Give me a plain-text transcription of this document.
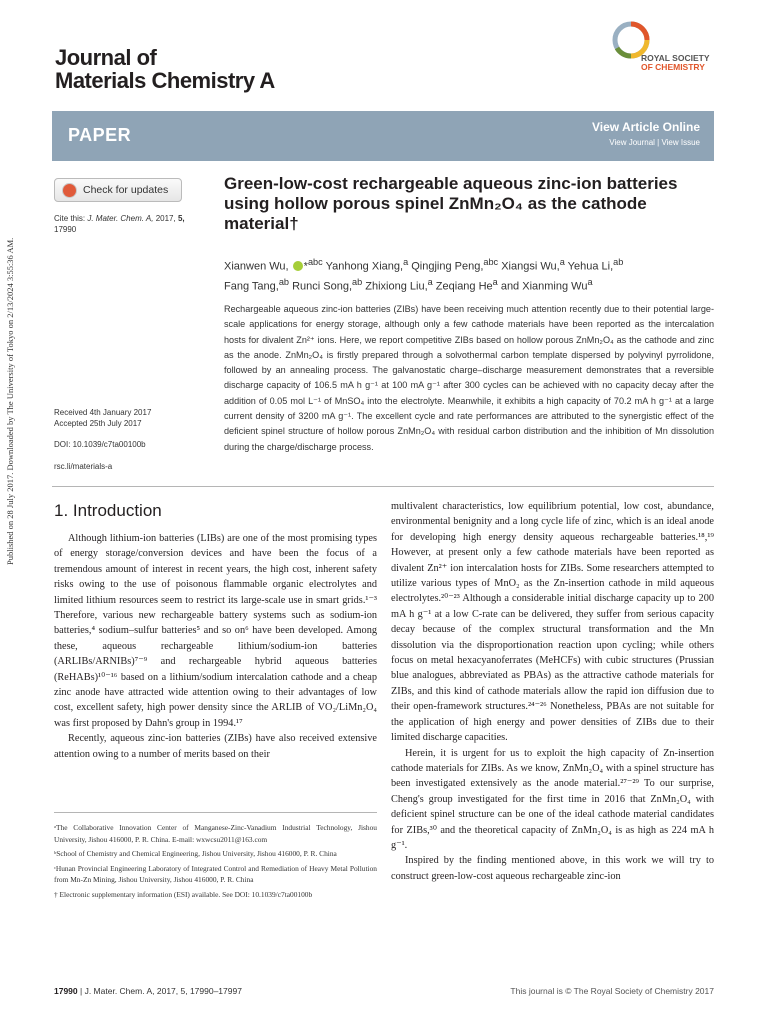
Published on 28 July 2017. Downloaded by The University of Tokyo on 2/13/2024 3:55:36 AM.
Journal of
Materials Chemistry A
ROYAL SOCIETY
OF CHEMISTRY
PAPER	View Article Online
View Journal | View Issue
Check for updates
Cite this: J. Mater. Chem. A, 2017, 5,
17990
Received 4th January 2017
Accepted 25th July 2017
DOI: 10.1039/c7ta00100b
rsc.li/materials-a
Green-low-cost rechargeable aqueous zinc-ion batteries using hollow porous spinel ZnMn₂O₄ as the cathode material†
Xianwen Wu, *$^{abc}$ Yanhong Xiang,$^a$ Qingjing Peng,$^{abc}$ Xiangsi Wu,$^a$ Yehua Li,$^{ab}$
Fang Tang,$^{ab}$ Runci Song,$^{ab}$ Zhixiong Liu,$^a$ Zeqiang He$^a$ and Xianming Wu$^a$
Rechargeable aqueous zinc-ion batteries (ZIBs) have been receiving much attention recently due to their potential large-scale applications for energy storage, although only a few cathode materials have been reported as the intercalation hosts for divalent Zn²⁺ ions. Here, we report competitive ZIBs based on hollow porous ZnMn₂O₄ as the cathode and zinc as the anode. ZnMn₂O₄ is firstly prepared through a solvothermal carbon template dispersed by polyvinyl pyrrolidone, followed by an annealing process. The galvanostatic charge–discharge measurement demonstrates that a reversible discharge capacity of 106.5 mA h g⁻¹ at 100 mA g⁻¹ after 300 cycles can be achieved with no capacity decay after the addition of 0.05 mol L⁻¹ of MnSO₄ into the electrolyte. Meanwhile, it exhibits a high capacity of 70.2 mA h g⁻¹ at a large current density of 3200 mA g⁻¹. The excellent cycle and rate performances are attributed to the synergistic effect of the deficient spinel structure of hollow porous ZnMn₂O₄ with residual carbon distribution and the inhibition of Mn dissolution during the charge/discharge process.
1. Introduction

Although lithium-ion batteries (LIBs) are one of the most promising types of energy storage/conversion devices and have been the focus of a tremendous amount of interest in recent years, the high cost, inherent safety risks owing to the use of poisonous flammable organic electrolytes and limited lithium resources seem to restrict its large-scale use in smart grids.¹⁻³ Therefore, various new rechargeable battery systems such as sodium-ion batteries,⁴ sodium–sulfur batteries⁵ and so on⁶ have been developed. Among these, aqueous rechargeable lithium/sodium-ion batteries (ARLIBs/ARNIBs)⁷⁻⁹ and rechargeable hybrid aqueous batteries (ReHABs)¹⁰⁻¹⁶ based on a lithium/sodium intercalation cathode and a cheap zinc anode have attracted wide attention owing to their advantages of low cost, excellent safety, high power density since the ARLIB of VO₂/LiMn₂O₄ was first proposed by Dahn's group in 1994.¹⁷

Recently, aqueous zinc-ion batteries (ZIBs) have also received extensive attention owing to a number of merits based on their

ᵃThe Collaborative Innovation Center of Manganese-Zinc-Vanadium Industrial Technology, Jishou University, Jishou 416000, P. R. China. E-mail: wxwcsu2011@163.com

ᵇSchool of Chemistry and Chemical Engineering, Jishou University, Jishou 416000, P. R. China

ᶜHunan Provincial Engineering Laboratory of Integrated Control and Remediation of Heavy Metal Pollution from Mn-Zn Mining, Jishou University, Jishou 416000, P. R. China

† Electronic supplementary information (ESI) available. See DOI: 10.1039/c7ta00100b

multivalent characteristics, low equilibrium potential, low cost, abundance, environmental benignity and a long cycle life of zinc, which is an ideal anode for developing high energy density aqueous rechargeable batteries.¹⁸,¹⁹ However, at present only a few cathode materials have been reported as divalent Zn²⁺ ion intercalation hosts for ZIBs. Some researchers attempted to utilize various types of MnO₂ as the Zn-insertion cathode in mild aqueous electrolytes.²⁰⁻²³ Although a considerable initial discharge capacity up to 200 mA h g⁻¹ at a low C-rate can be delivered, they suffer from serious capacity decay because of the complex structural transformation and the Mn dissolution via the disproportionation reaction upon cycling; while others focus on metal hexacyanoferrates (MeHCFs) with cubic structures (Prussian blue analogues, abbreviated as PBAs) as the attractive cathode materials for ZIBs, and this kind of cathode materials allow the rapid ion diffusion due to their open-framework structures.²⁴⁻²⁶ Nonetheless, PBAs are not suitable for the application of high energy and power densities of ZIBs due to their limited discharge capacities.

Herein, it is urgent for us to exploit the high capacity of Zn-insertion cathode materials for ZIBs. As we know, ZnMn₂O₄ with a spinel structure has been investigated extensively as the anode material.²⁷⁻²⁹ To our surprise, Cheng's group investigated for the first time in 2016 that ZnMn₂O₄ with deficient spinel structure can be one of the ideal cathode material candidates for ZIBs,³⁰ and the theoretical capacity of ZnMn₂O₄ is as high as 224 mA h g⁻¹.

Inspired by the finding mentioned above, in this work we will try to construct green-low-cost aqueous rechargeable zinc-ion

17990 | J. Mater. Chem. A, 2017, 5, 17990–17997	This journal is © The Royal Society of Chemistry 2017
